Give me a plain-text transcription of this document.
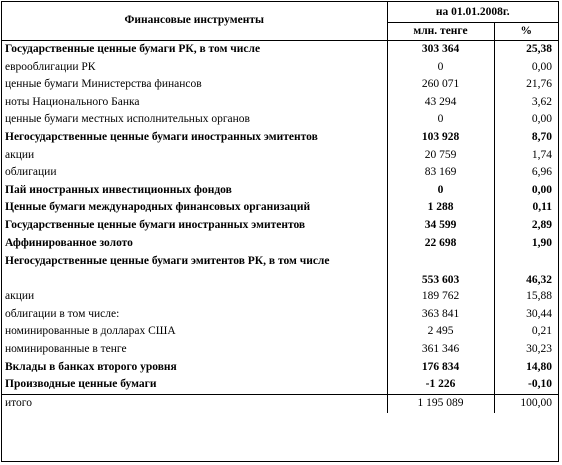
Финансовые инструменты	на 01.01.2008г.	
	млн. тенге	%
Государственные ценные бумаги РК, в том числе	303 364	25,38
еврооблигации РК	0	0,00
ценные бумаги Министерства финансов	260 071	21,76
ноты Национального Банка	43 294	3,62
ценные бумаги местных исполнительных органов	0	0,00
Негосударственные ценные бумаги иностранных эмитентов	103 928	8,70
акции	20 759	1,74
облигации	83 169	6,96
Пай иностранных инвестиционных фондов	0	0,00
Ценные бумаги международных финансовых организаций	1 288	0,11
Государственные ценные бумаги иностранных эмитентов	34 599	2,89
Аффинированное золото	22 698	1,90
Негосударственные ценные бумаги эмитентов РК, в том числе	553 603	46,32
акции	189 762	15,88
облигации в том числе:	363 841	30,44
номинированные в долларах США	2 495	0,21
номинированные в тенге	361 346	30,23
Вклады в банках второго уровня	176 834	14,80
Производные ценные бумаги	-1 226	-0,10
итого	1 195 089	100,00
